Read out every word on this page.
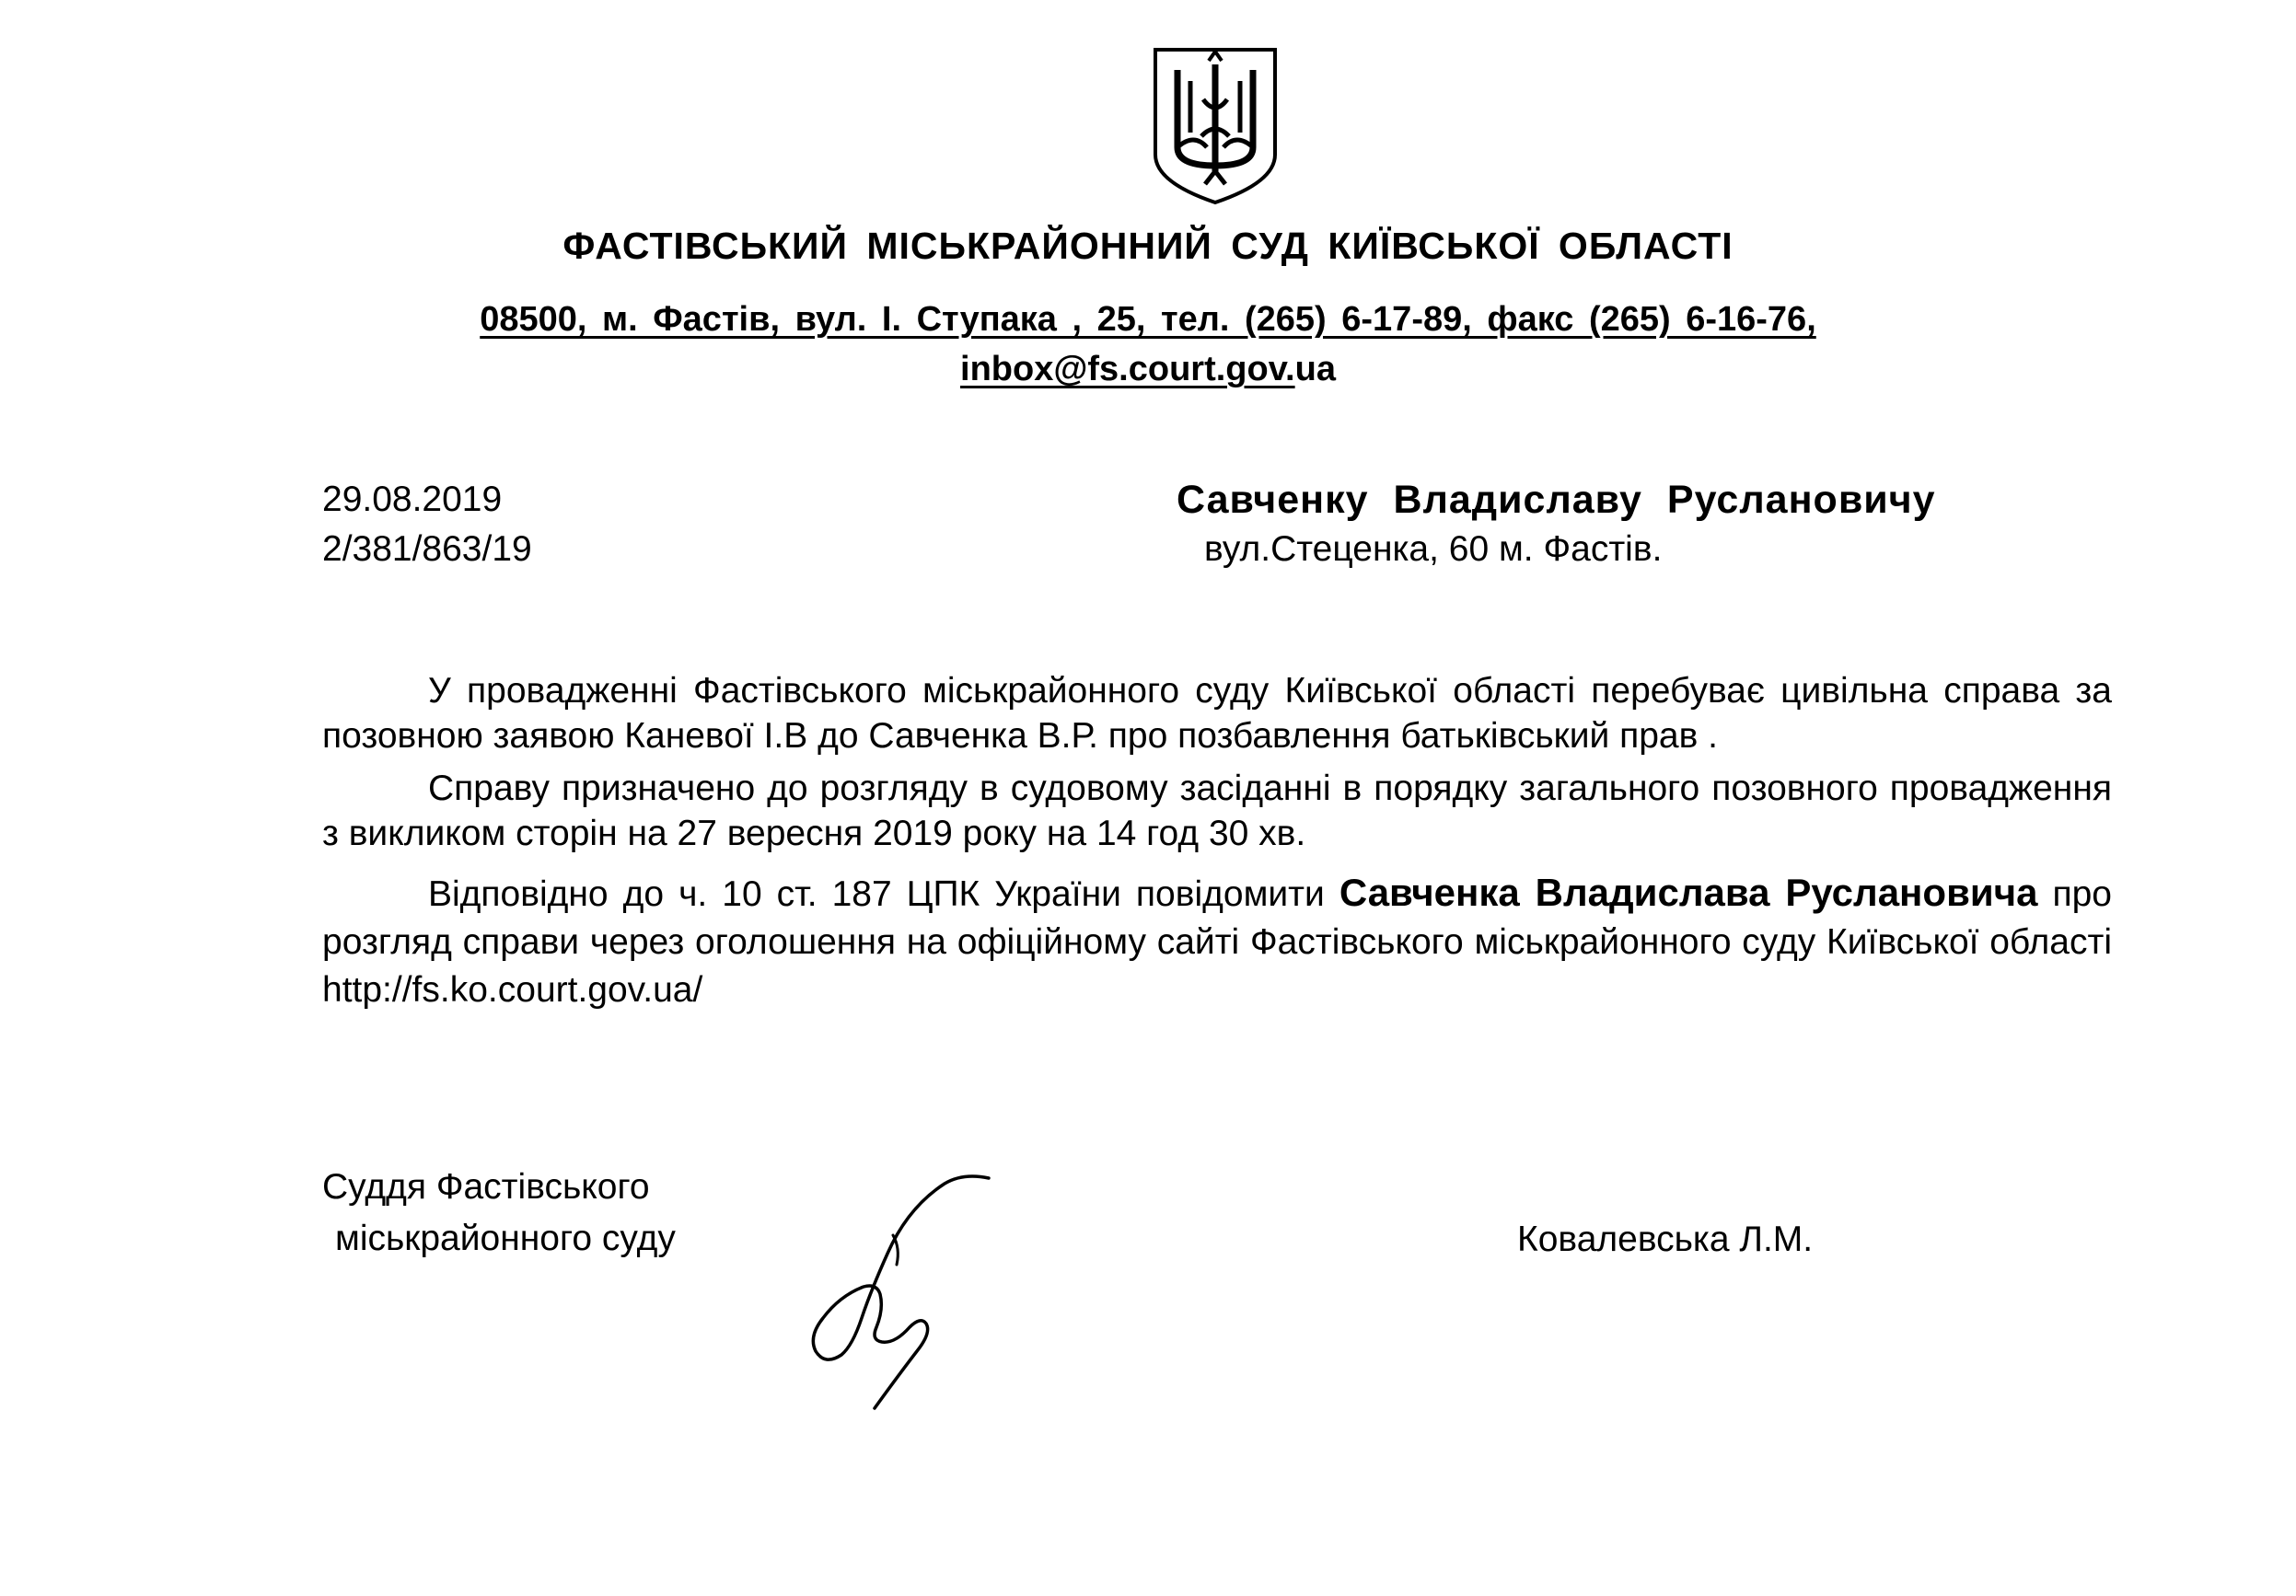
ФАСТІВСЬКИЙ МІСЬКРАЙОННИЙ СУД КИЇВСЬКОЇ ОБЛАСТІ
08500, м. Фастів, вул. І. Ступака , 25, тел. (265) 6-17-89, факс (265) 6-16-76,
inbox@fs.court.gov.ua
29.08.2019
2/381/863/19
Савченку Владиславу Руслановичу
вул.Стеценка, 60 м. Фастів.

У провадженні Фастівського міськрайонного суду Київської області перебуває цивільна справа за позовною заявою Каневої І.В до Савченка В.Р. про позбавлення батьківський прав .

Справу призначено до розгляду в судовому засіданні в порядку загального позовного провадження з викликом сторін на 27 вересня 2019 року на 14 год 30 хв.

Відповідно до ч. 10 ст. 187 ЦПК України повідомити Савченка Владислава Руслановича про розгляд справи через оголошення на офіційному сайті Фастівського міськрайонного суду Київської області http://fs.ko.court.gov.ua/

Суддя Фастівського
міськрайонного суду	Ковалевська Л.М.
